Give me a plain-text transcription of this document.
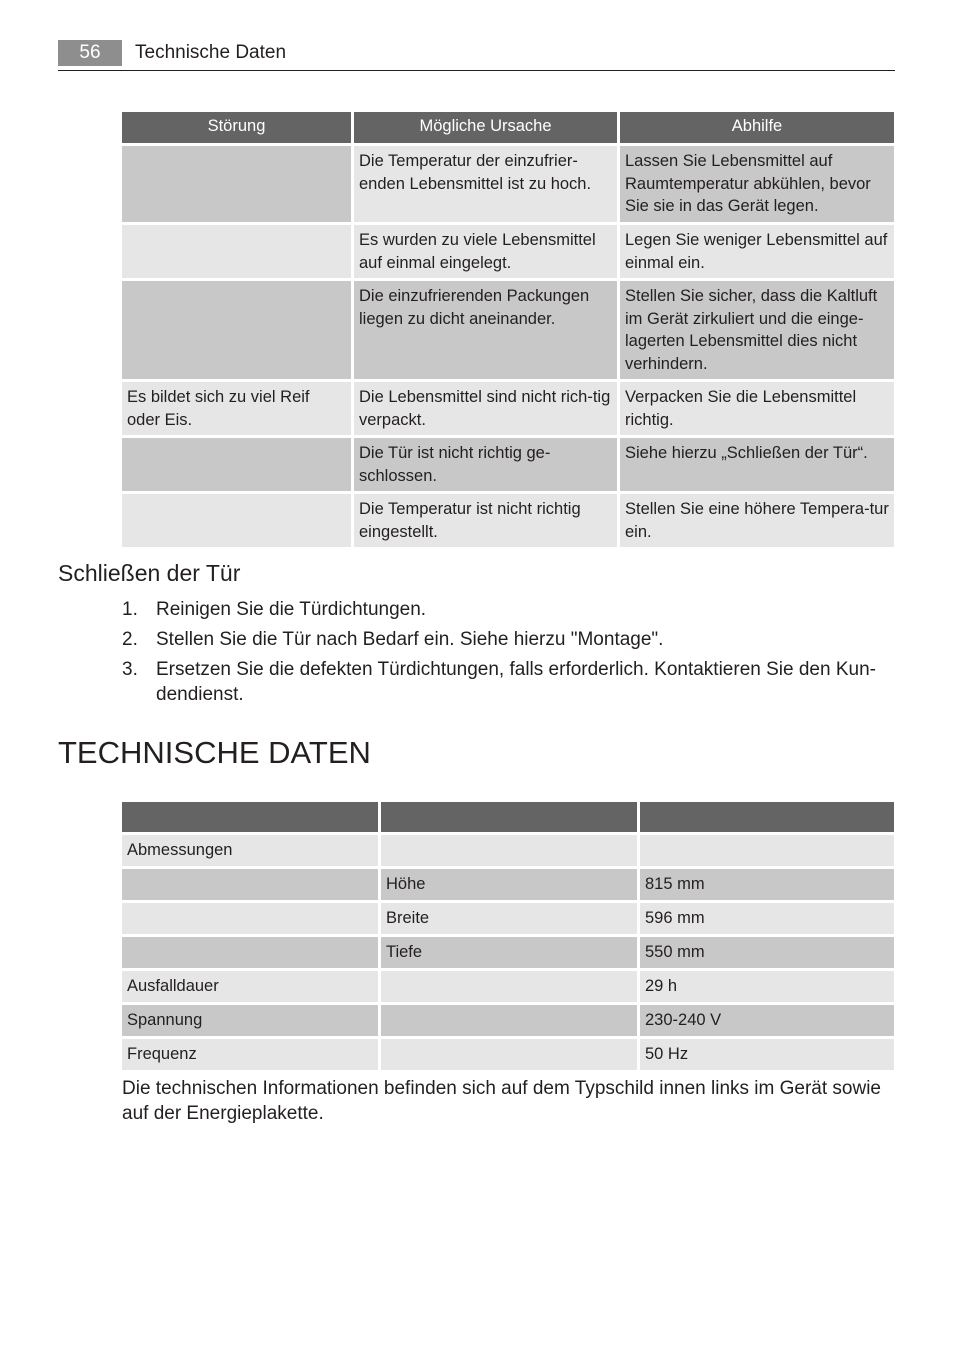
56	Technische Daten
Störung	Mögliche Ursache	Abhilfe
	Die Temperatur der einzufrier-enden Lebensmittel ist zu hoch.	Lassen Sie Lebensmittel auf Raumtemperatur abkühlen, bevor Sie sie in das Gerät legen.
	Es wurden zu viele Lebensmittel auf einmal eingelegt.	Legen Sie weniger Lebensmittel auf einmal ein.
	Die einzufrierenden Packungen liegen zu dicht aneinander.	Stellen Sie sicher, dass die Kaltluft im Gerät zirkuliert und die einge-lagerten Lebensmittel dies nicht verhindern.
Es bildet sich zu viel Reif oder Eis.	Die Lebensmittel sind nicht rich-tig verpackt.	Verpacken Sie die Lebensmittel richtig.
	Die Tür ist nicht richtig ge-schlossen.	Siehe hierzu „Schließen der Tür“.
	Die Temperatur ist nicht richtig eingestellt.	Stellen Sie eine höhere Tempera-tur ein.
Schließen der Tür
1. Reinigen Sie die Türdichtungen.
2. Stellen Sie die Tür nach Bedarf ein. Siehe hierzu "Montage".
3. Ersetzen Sie die defekten Türdichtungen, falls erforderlich. Kontaktieren Sie den Kun-dendienst.
TECHNISCHE DATEN

Abmessungen		
	Höhe	815 mm
	Breite	596 mm
	Tiefe	550 mm
Ausfalldauer		29 h
Spannung		230-240 V
Frequenz		50 Hz
Die technischen Informationen befinden sich auf dem Typschild innen links im Gerät sowie auf der Energieplakette.
